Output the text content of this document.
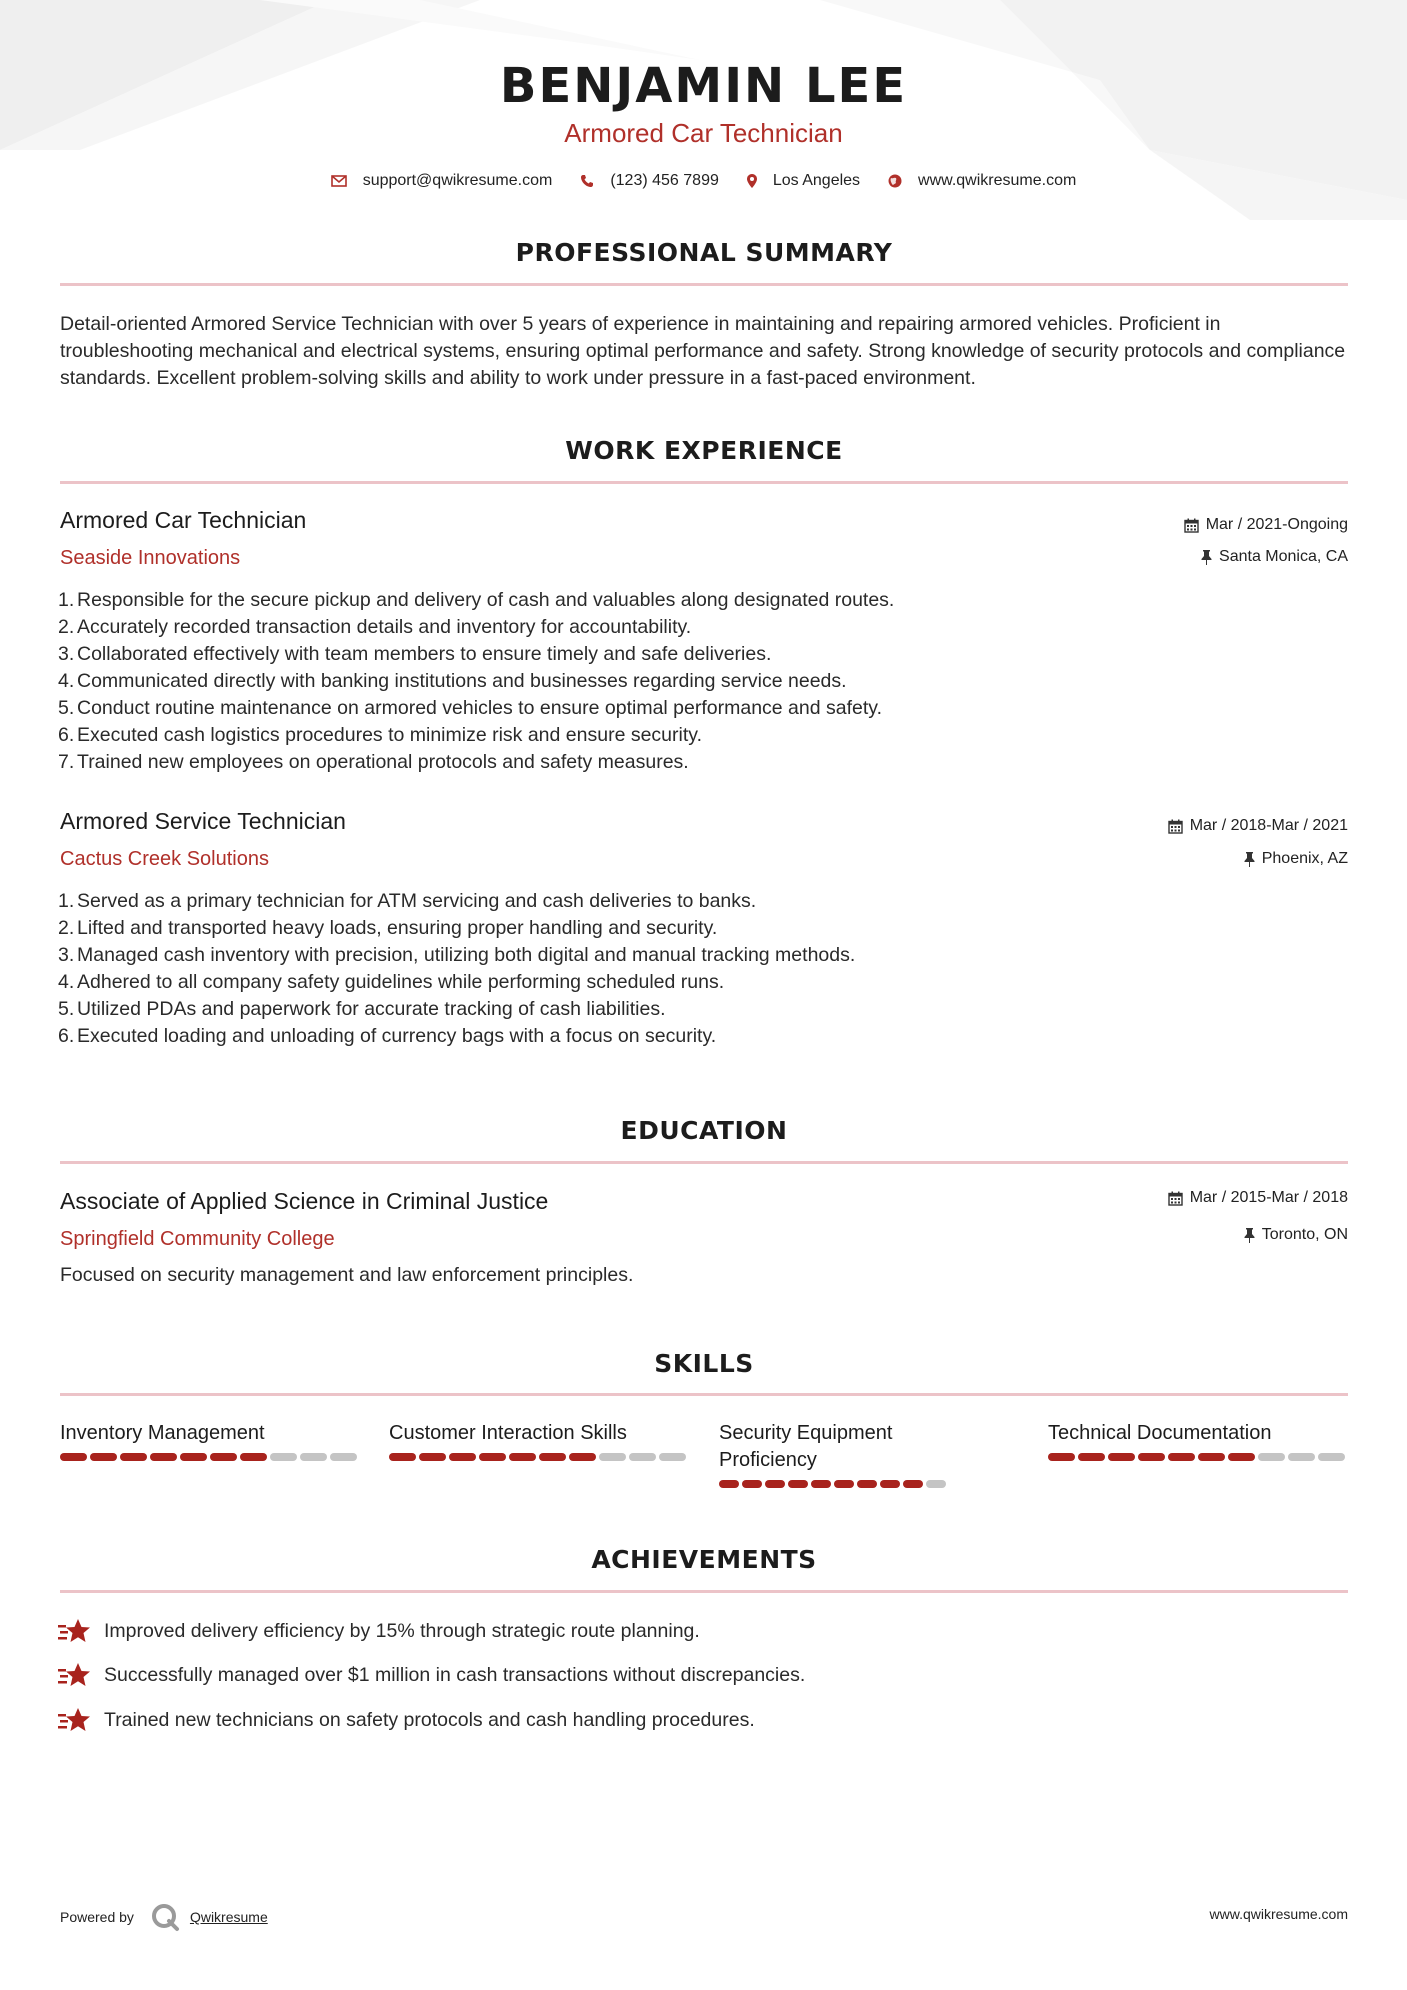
BENJAMIN LEE
Armored Car Technician
support@qwikresume.com	(123) 456 7899	Los Angeles	www.qwikresume.com
PROFESSIONAL SUMMARY
Detail-oriented Armored Service Technician with over 5 years of experience in maintaining and repairing armored vehicles. Proficient in troubleshooting mechanical and electrical systems, ensuring optimal performance and safety. Strong knowledge of security protocols and compliance standards. Excellent problem-solving skills and ability to work under pressure in a fast-paced environment.
WORK EXPERIENCE
Armored Car Technician
Seaside Innovations
Mar / 2021-Ongoing
Santa Monica, CA
1. Responsible for the secure pickup and delivery of cash and valuables along designated routes.
2. Accurately recorded transaction details and inventory for accountability.
3. Collaborated effectively with team members to ensure timely and safe deliveries.
4. Communicated directly with banking institutions and businesses regarding service needs.
5. Conduct routine maintenance on armored vehicles to ensure optimal performance and safety.
6. Executed cash logistics procedures to minimize risk and ensure security.
7. Trained new employees on operational protocols and safety measures.
Armored Service Technician
Cactus Creek Solutions
Mar / 2018-Mar / 2021
Phoenix, AZ
1. Served as a primary technician for ATM servicing and cash deliveries to banks.
2. Lifted and transported heavy loads, ensuring proper handling and security.
3. Managed cash inventory with precision, utilizing both digital and manual tracking methods.
4. Adhered to all company safety guidelines while performing scheduled runs.
5. Utilized PDAs and paperwork for accurate tracking of cash liabilities.
6. Executed loading and unloading of currency bags with a focus on security.
EDUCATION
Associate of Applied Science in Criminal Justice
Springfield Community College
Mar / 2015-Mar / 2018
Toronto, ON
Focused on security management and law enforcement principles.
SKILLS
Inventory Management	Customer Interaction Skills	Security Equipment Proficiency
Technical Documentation
ACHIEVEMENTS
Improved delivery efficiency by 15% through strategic route planning.
Successfully managed over $1 million in cash transactions without discrepancies.
Trained new technicians on safety protocols and cash handling procedures.
Powered by	Qwikresume	www.qwikresume.com
